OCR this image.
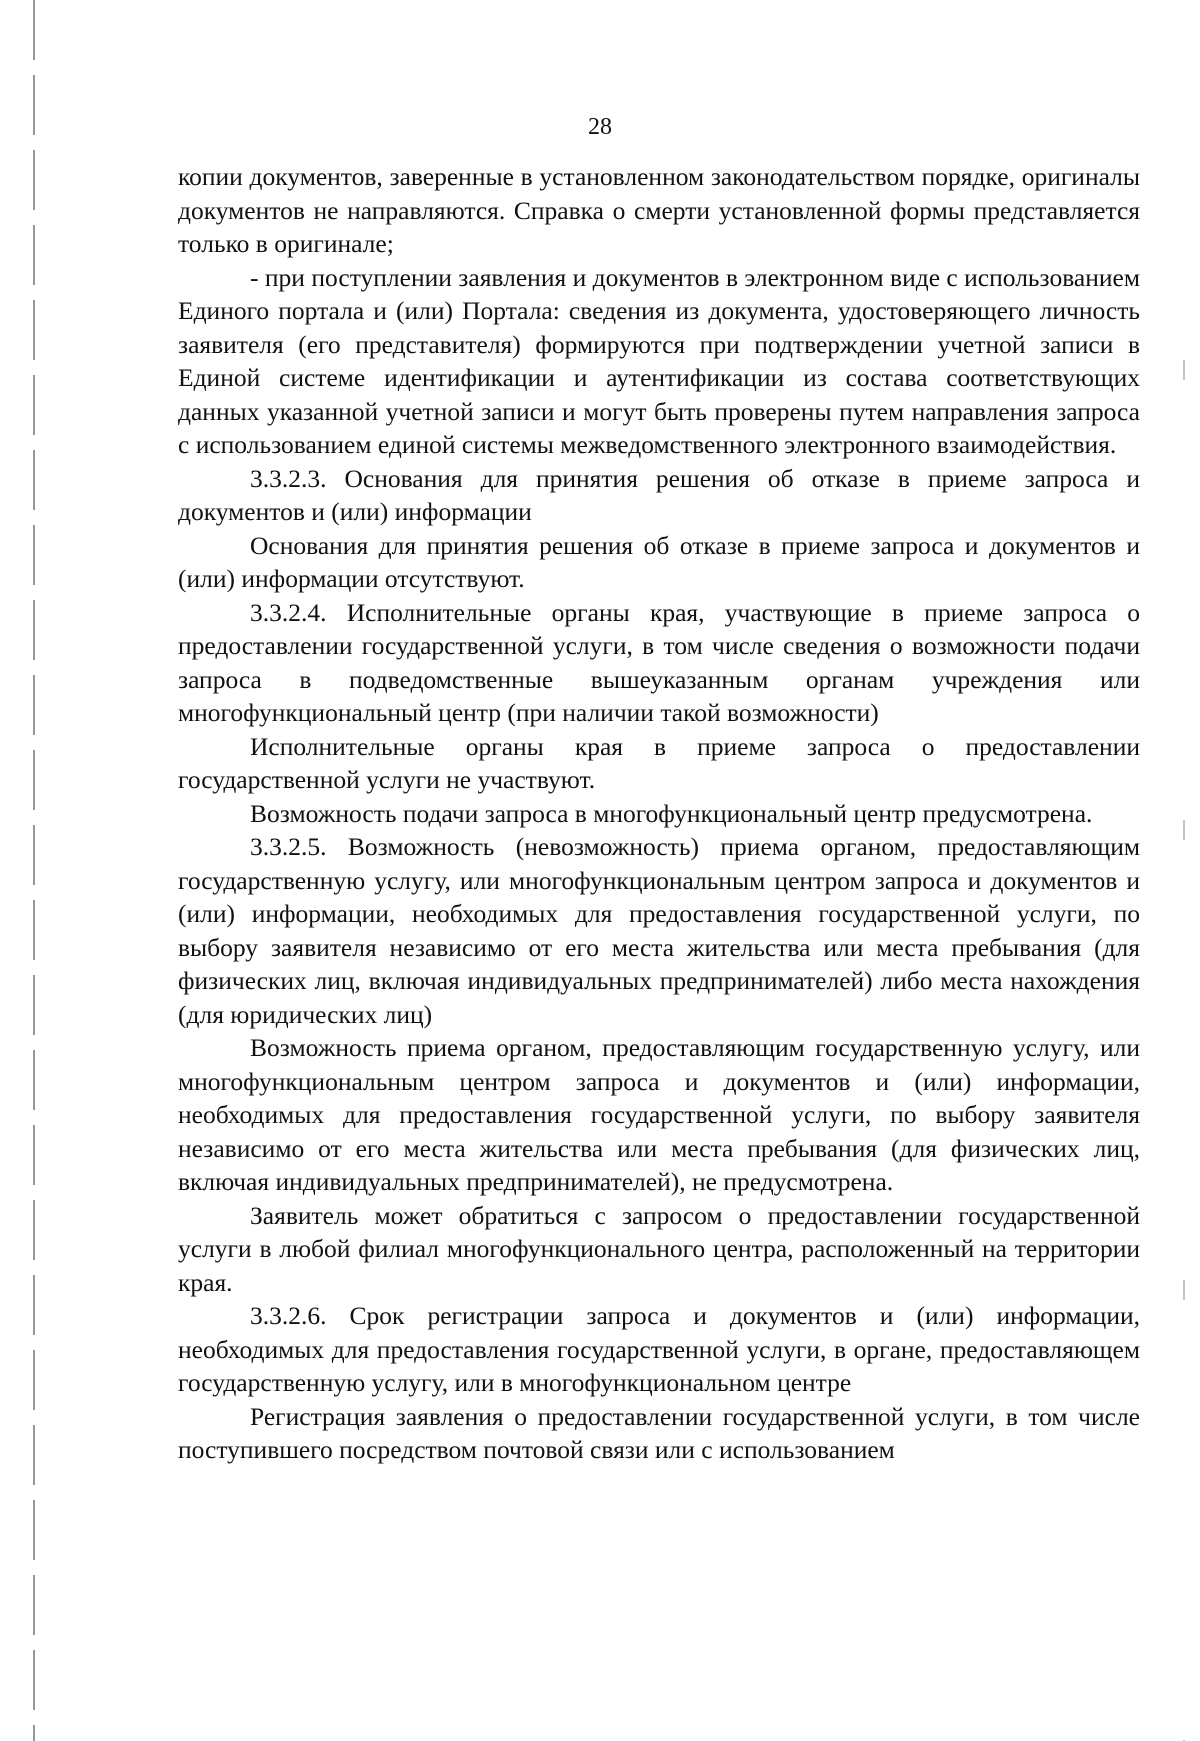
28

копии документов, заверенные в установленном законодательством порядке, оригиналы документов не направляются. Справка о смерти установленной формы представляется только в оригинале;

- при поступлении заявления и документов в электронном виде с использованием Единого портала и (или) Портала: сведения из документа, удостоверяющего личность заявителя (его представителя) формируются при подтверждении учетной записи в Единой системе идентификации и аутентификации из состава соответствующих данных указанной учетной записи и могут быть проверены путем направления запроса с использованием единой системы межведомственного электронного взаимодействия.

3.3.2.3. Основания для принятия решения об отказе в приеме запроса и документов и (или) информации

Основания для принятия решения об отказе в приеме запроса и документов и (или) информации отсутствуют.

3.3.2.4. Исполнительные органы края, участвующие в приеме запроса о предоставлении государственной услуги, в том числе сведения о возможности подачи запроса в подведомственные вышеуказанным органам учреждения или многофункциональный центр (при наличии такой возможности)

Исполнительные органы края в приеме запроса о предоставлении государственной услуги не участвуют.

Возможность подачи запроса в многофункциональный центр предусмотрена.

3.3.2.5. Возможность (невозможность) приема органом, предоставляющим государственную услугу, или многофункциональным центром запроса и документов и (или) информации, необходимых для предоставления государственной услуги, по выбору заявителя независимо от его места жительства или места пребывания (для физических лиц, включая индивидуальных предпринимателей) либо места нахождения (для юридических лиц)

Возможность приема органом, предоставляющим государственную услугу, или многофункциональным центром запроса и документов и (или) информации, необходимых для предоставления государственной услуги, по выбору заявителя независимо от его места жительства или места пребывания (для физических лиц, включая индивидуальных предпринимателей), не предусмотрена.

Заявитель может обратиться с запросом о предоставлении государственной услуги в любой филиал многофункционального центра, расположенный на территории края.

3.3.2.6. Срок регистрации запроса и документов и (или) информации, необходимых для предоставления государственной услуги, в органе, предоставляющем государственную услугу, или в многофункциональном центре

Регистрация заявления о предоставлении государственной услуги, в том числе поступившего посредством почтовой связи или с использованием
